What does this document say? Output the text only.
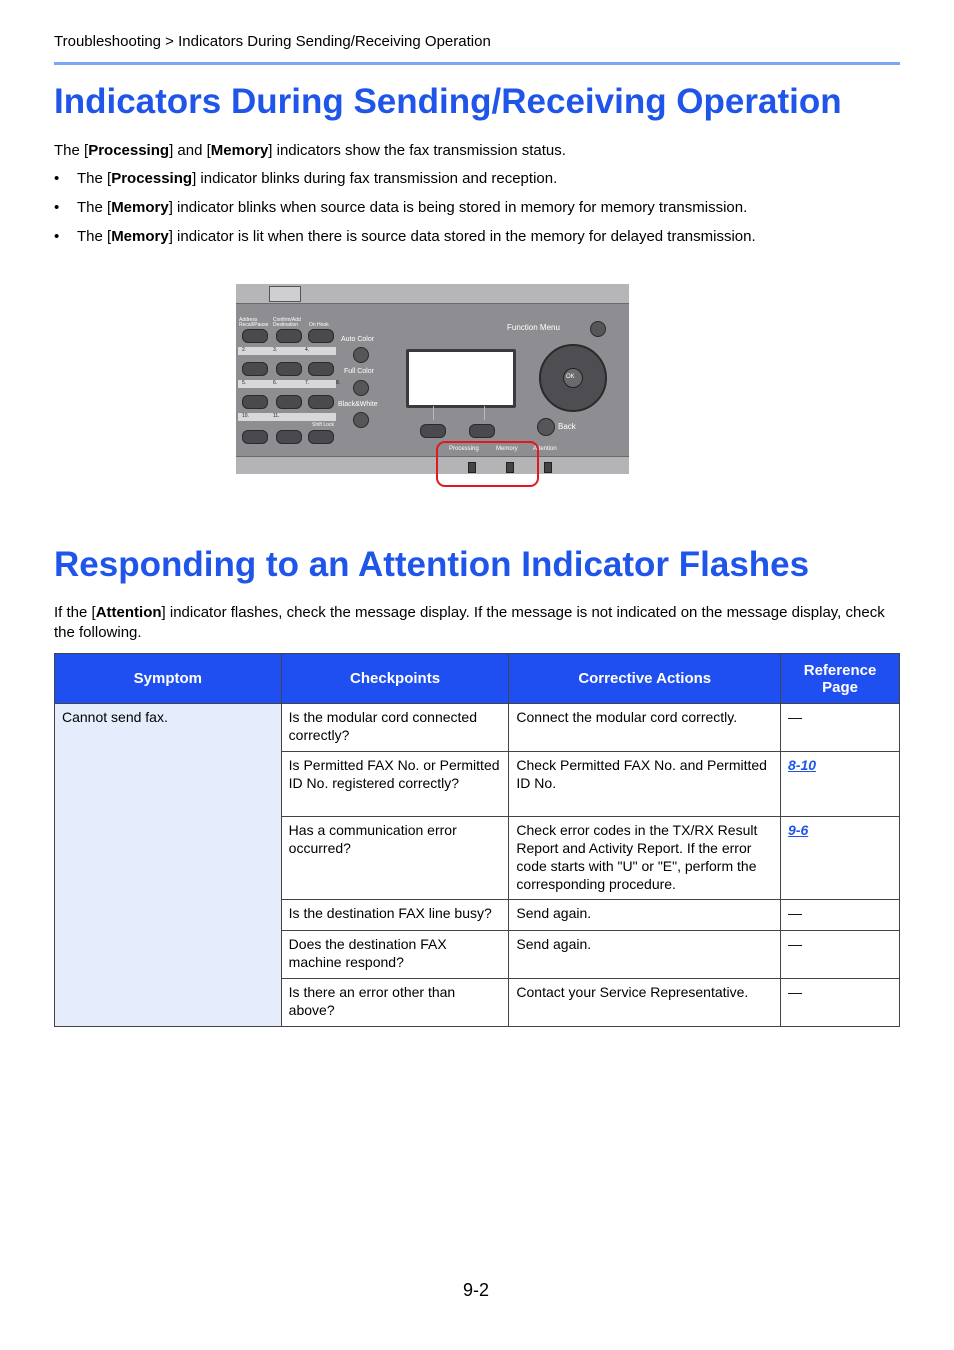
Troubleshooting > Indicators During Sending/Receiving Operation
Indicators During Sending/Receiving Operation
The [Processing] and [Memory] indicators show the fax transmission status.
• The [Processing] indicator blinks during fax transmission and reception.
• The [Memory] indicator blinks when source data is being stored in memory for memory transmission.
• The [Memory] indicator is lit when there is source data stored in the memory for delayed transmission.
Address
Recall/Pause
Confirm/Add
Destination On Hook
2.	3.	4.
5.	6.	7.	8.
10.	11.
Shift Lock
Auto Color
Full Color
Black&White
Function Menu
OK
Back
Processing	Memory	Attention
Responding to an Attention Indicator Flashes
If the [Attention] indicator flashes, check the message display. If the message is not indicated on the message display, check the following.
Symptom	Checkpoints	Corrective Actions	Reference Page
Cannot send fax.	Is the modular cord connected correctly?	Connect the modular cord correctly.	—
	Is Permitted FAX No. or Permitted ID No. registered correctly?	Check Permitted FAX No. and Permitted ID No.	8-10
	Has a communication error occurred?	Check error codes in the TX/RX Result Report and Activity Report. If the error code starts with "U" or "E", perform the corresponding procedure.	9-6
	Is the destination FAX line busy?	Send again.	—
	Does the destination FAX machine respond?	Send again.	—
	Is there an error other than above?	Contact your Service Representative.	—
9-2
